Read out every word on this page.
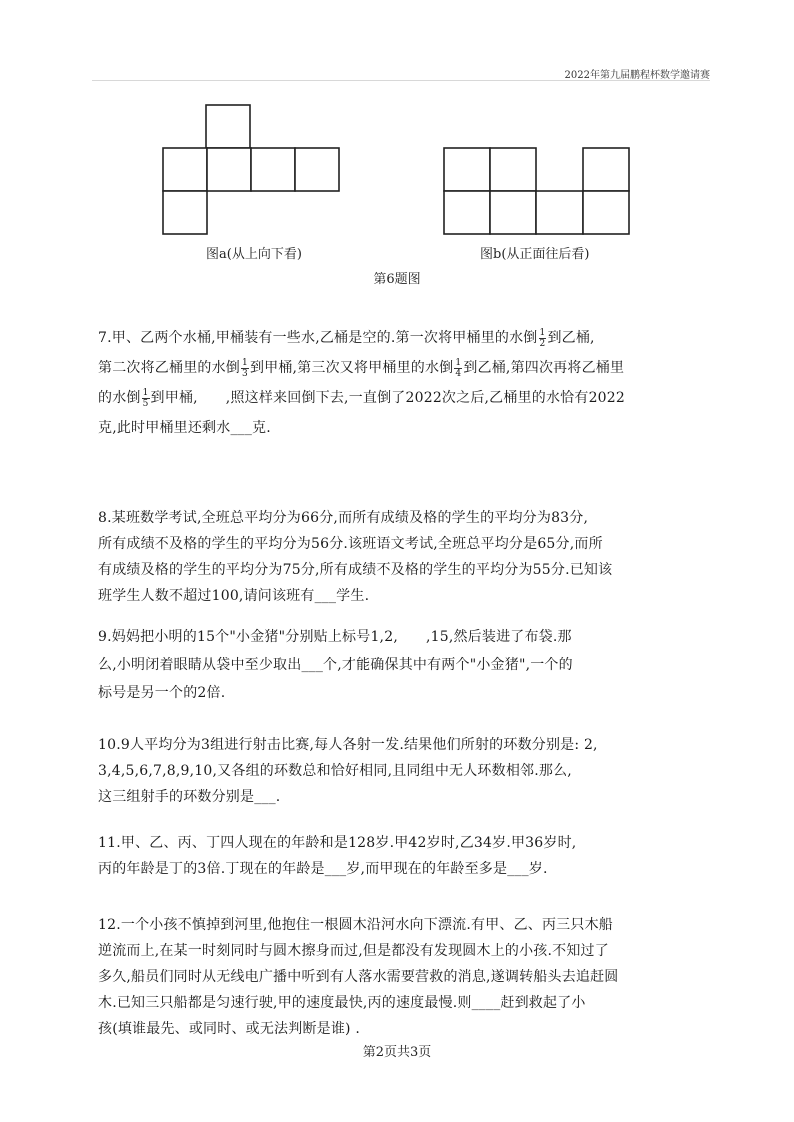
2022年第九届鹏程杯数学邀请赛
图a(从上向下看)	图b(从正面往后看)
第6题图

7.甲、乙两个水桶,甲桶装有一些水,乙桶是空的.第一次将甲桶里的水倒 $\frac{1}{2}$ 到乙桶,

第二次将乙桶里的水倒 $\frac{1}{3}$ 到甲桶,第三次又将甲桶里的水倒 $\frac{1}{4}$ 到乙桶,第四次再将乙桶里

的水倒 $\frac{1}{5}$ 到甲桶, ,照这样来回倒下去,一直倒了2022次之后,乙桶里的水恰有2022

克,此时甲桶里还剩水___克.

8.某班数学考试,全班总平均分为66分,而所有成绩及格的学生的平均分为83分,

所有成绩不及格的学生的平均分为56分.该班语文考试,全班总平均分是65分,而所

有成绩及格的学生的平均分为75分,所有成绩不及格的学生的平均分为55分.已知该

班学生人数不超过100,请问该班有___学生.

9.妈妈把小明的15个"小金猪"分别贴上标号1,2, ,15,然后装进了布袋.那

么,小明闭着眼睛从袋中至少取出___个,才能确保其中有两个"小金猪",一个的

标号是另一个的2倍.

10.9人平均分为3组进行射击比赛,每人各射一发.结果他们所射的环数分别是: 2,

3,4,5,6,7,8,9,10,又各组的环数总和恰好相同,且同组中无人环数相邻.那么,

这三组射手的环数分别是___.

11.甲、乙、丙、丁四人现在的年龄和是128岁.甲42岁时,乙34岁.甲36岁时,

丙的年龄是丁的3倍.丁现在的年龄是___岁,而甲现在的年龄至多是___岁.

12.一个小孩不慎掉到河里,他抱住一根圆木沿河水向下漂流.有甲、乙、丙三只木船

逆流而上,在某一时刻同时与圆木擦身而过,但是都没有发现圆木上的小孩.不知过了

多久,船员们同时从无线电广播中听到有人落水需要营救的消息,遂调转船头去追赶圆

木.已知三只船都是匀速行驶,甲的速度最快,丙的速度最慢.则____赶到救起了小

孩(填谁最先、或同时、或无法判断是谁) .

第2页共3页
